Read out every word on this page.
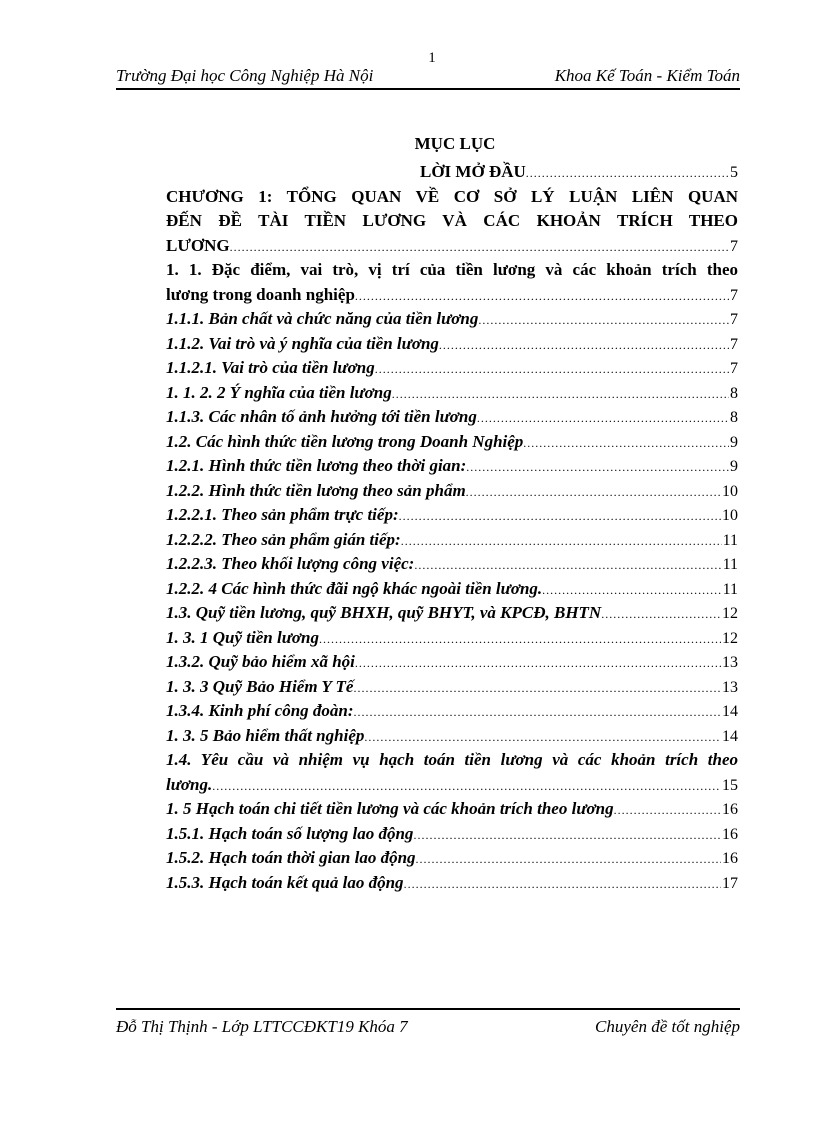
1
Trường Đại học Công Nghiệp Hà Nội	Khoa Kế Toán - Kiểm Toán
MỤC LỤC
LỜI MỞ ĐẦU .....	5
CHƯƠNG 1: TỔNG QUAN VỀ CƠ SỞ LÝ LUẬN LIÊN QUAN
ĐẾN ĐỀ TÀI TIỀN LƯƠNG VÀ CÁC KHOẢN TRÍCH THEO
LƯƠNG .....	7
1. 1. Đặc điểm, vai trò, vị trí của tiền lương và các khoản trích theo
lương trong doanh nghiệp .....	7
1.1.1. Bản chất và chức năng của tiền lương .....	7
1.1.2. Vai trò và ý nghĩa của tiền lương .....	7
1.1.2.1. Vai trò của tiền lương .....	7
1. 1. 2. 2 Ý nghĩa của tiền lương .....	8
1.1.3. Các nhân tố ảnh hưởng tới tiền lương .....	8
1.2. Các hình thức tiền lương trong Doanh Nghiệp .....	9
1.2.1. Hình thức tiền lương theo thời gian: .....	9
1.2.2. Hình thức tiền lương theo sản phẩm .....	10
1.2.2.1. Theo sản phẩm trực tiếp: .....	10
1.2.2.2. Theo sản phẩm gián tiếp: .....	11
1.2.2.3. Theo khối lượng công việc: .....	11
1.2.2. 4 Các hình thức đãi ngộ khác ngoài tiền lương. .....	11
1.3. Quỹ tiền lương, quỹ BHXH, quỹ BHYT, và KPCĐ, BHTN .....	12
1. 3. 1 Quỹ tiền lương .....	12
1.3.2. Quỹ bảo hiểm xã hội .....	13
1. 3. 3 Quỹ Bảo Hiểm Y Tế .....	13
1.3.4. Kinh phí công đoàn: .....	14
1. 3. 5 Bảo hiểm thất nghiệp .....	14
1.4. Yêu cầu và nhiệm vụ hạch toán tiền lương và các khoản trích theo
lương. .....	15
1. 5 Hạch toán chi tiết tiền lương và các khoản trích theo lương .....	16
1.5.1. Hạch toán số lượng lao động .....	16
1.5.2. Hạch toán thời gian lao động .....	16
1.5.3. Hạch toán kết quả lao động .....	17
Đỗ Thị Thịnh - Lớp LTTCCĐKT19 Khóa 7	Chuyên đề tốt nghiệp
